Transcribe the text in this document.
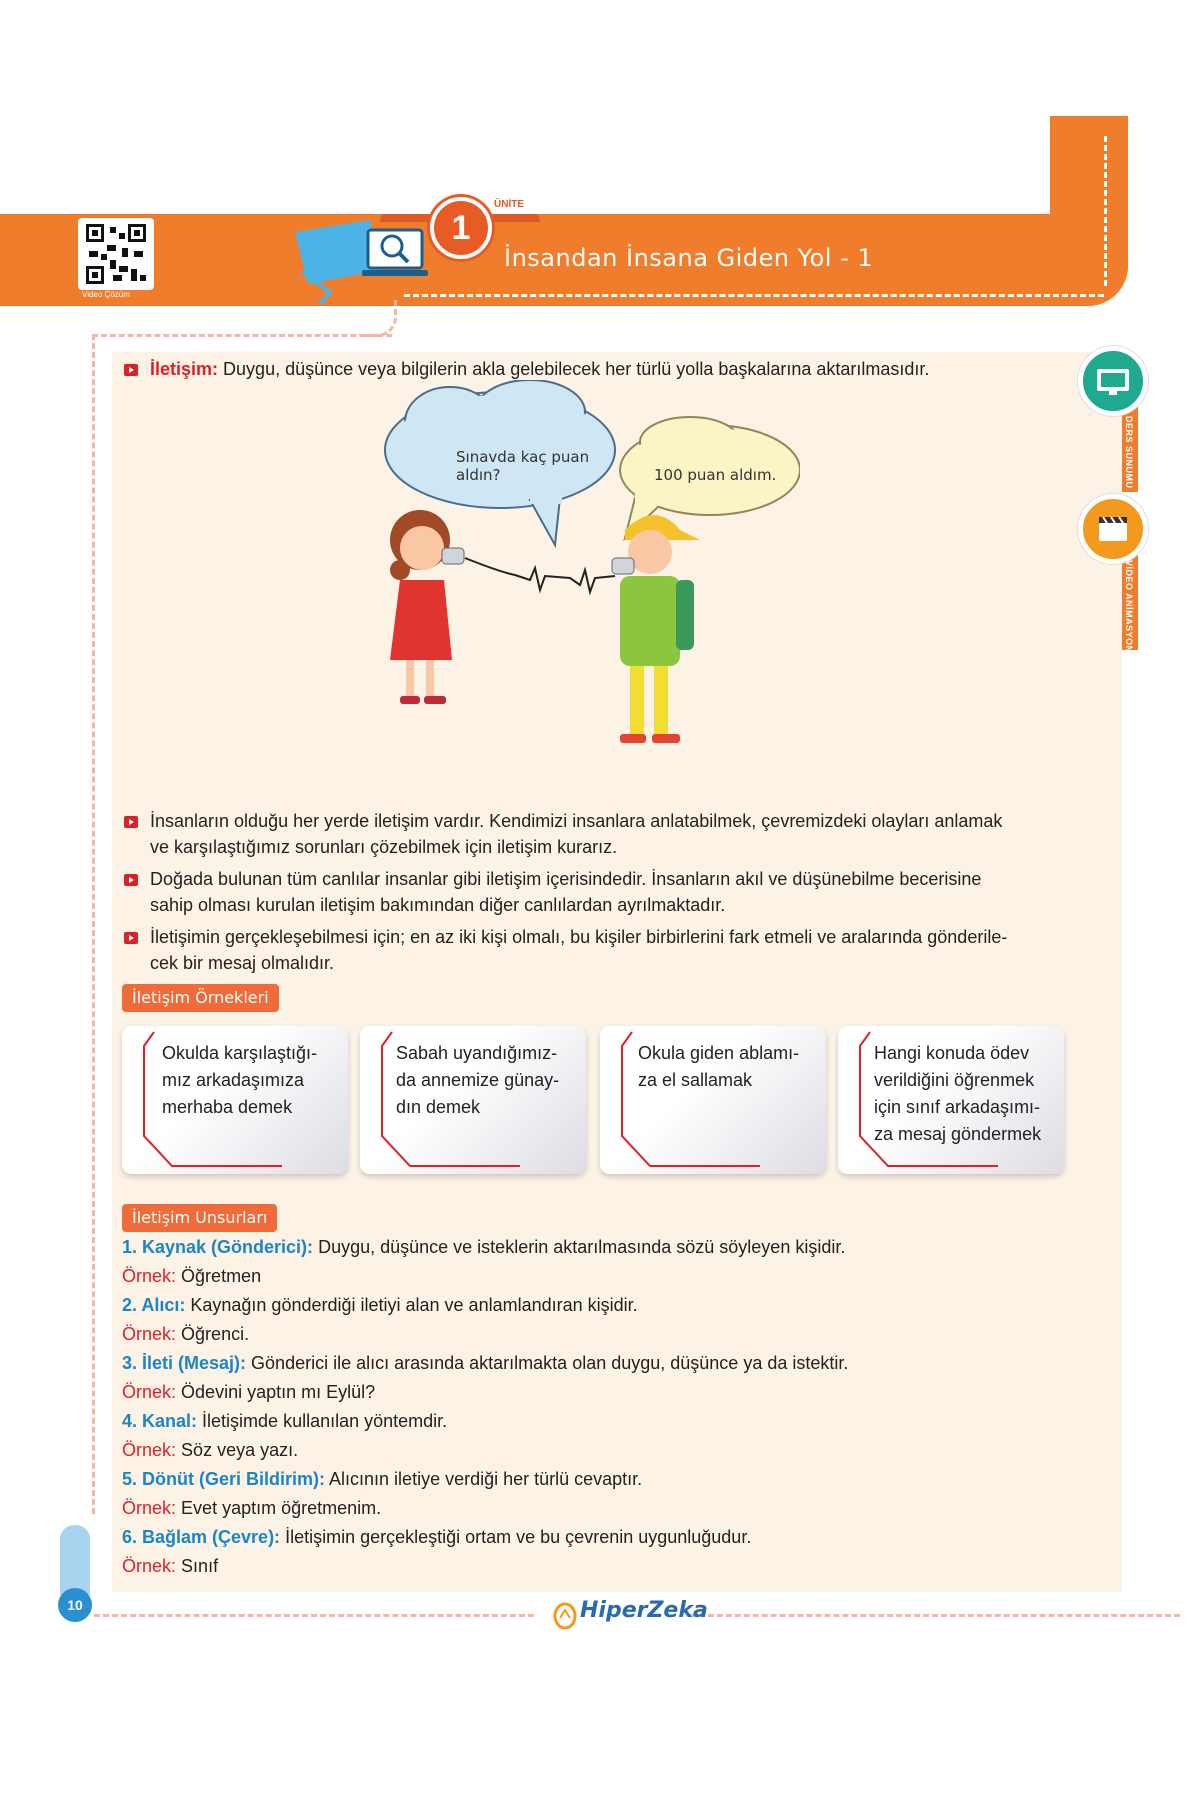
Video Çözüm
ÜNİTE
1
İnsandan İnsana Giden Yol - 1
DERS SUNUMU
VİDEO ANİMASYON
İletişim: Duygu, düşünce veya bilgilerin akla gelebilecek her türlü yolla başkalarına aktarılmasıdır.
Sınavda kaç puan
aldın?	100 puan aldım.
İnsanların olduğu her yerde iletişim vardır. Kendimizi insanlara anlatabilmek, çevremizdeki olayları anlamak
ve karşılaştığımız sorunları çözebilmek için iletişim kurarız.
Doğada bulunan tüm canlılar insanlar gibi iletişim içerisindedir. İnsanların akıl ve düşünebilme becerisine
sahip olması kurulan iletişim bakımından diğer canlılardan ayrılmaktadır.
İletişimin gerçekleşebilmesi için; en az iki kişi olmalı, bu kişiler birbirlerini fark etmeli ve aralarında gönderile-
cek bir mesaj olmalıdır.
İletişim Örnekleri
Okulda karşılaştığı-
mız arkadaşımıza
merhaba demek
Sabah uyandığımız-
da annemize günay-
dın demek
Okula giden ablamı-
za el sallamak
Hangi konuda ödev
verildiğini öğrenmek
için sınıf arkadaşımı-
za mesaj göndermek
İletişim Unsurları
1. Kaynak (Gönderici): Duygu, düşünce ve isteklerin aktarılmasında sözü söyleyen kişidir.
Örnek: Öğretmen
2. Alıcı: Kaynağın gönderdiği iletiyi alan ve anlamlandıran kişidir.
Örnek: Öğrenci.
3. İleti (Mesaj): Gönderici ile alıcı arasında aktarılmakta olan duygu, düşünce ya da istektir.
Örnek: Ödevini yaptın mı Eylül?
4. Kanal: İletişimde kullanılan yöntemdir.
Örnek: Söz veya yazı.
5. Dönüt (Geri Bildirim): Alıcının iletiye verdiği her türlü cevaptır.
Örnek: Evet yaptım öğretmenim.
6. Bağlam (Çevre): İletişimin gerçekleştiği ortam ve bu çevrenin uygunluğudur.
Örnek: Sınıf
10	HiperZeka
